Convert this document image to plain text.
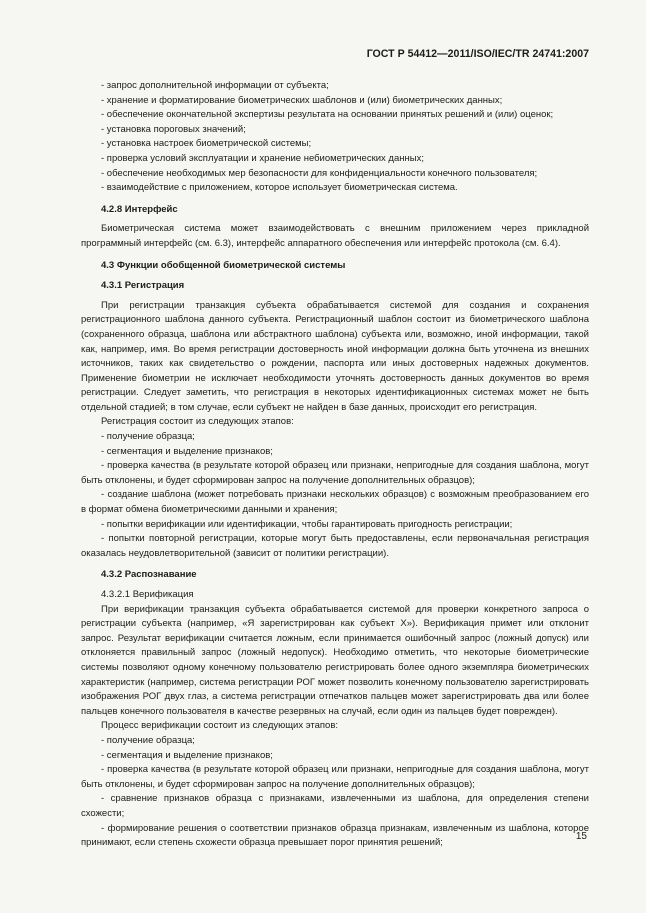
ГОСТ Р 54412—2011/ISO/IEC/TR 24741:2007

- запрос дополнительной информации от субъекта;

- хранение и форматирование биометрических шаблонов и (или) биометрических данных;

- обеспечение окончательной экспертизы результата на основании принятых решений и (или) оценок;

- установка пороговых значений;

- установка настроек биометрической системы;

- проверка условий эксплуатации и хранение небиометрических данных;

- обеспечение необходимых мер безопасности для конфиденциальности конечного пользователя;

- взаимодействие с приложением, которое использует биометрическая система.

4.2.8 Интерфейс

Биометрическая система может взаимодействовать с внешним приложением через прикладной программный интерфейс (см. 6.3), интерфейс аппаратного обеспечения или интерфейс протокола (см. 6.4).

4.3 Функции обобщенной биометрической системы

4.3.1 Регистрация

При регистрации транзакция субъекта обрабатывается системой для создания и сохранения регистрационного шаблона данного субъекта. Регистрационный шаблон состоит из биометрического шаблона (сохраненного образца, шаблона или абстрактного шаблона) субъекта или, возможно, иной информации, такой как, например, имя. Во время регистрации достоверность иной информации должна быть уточнена из внешних источников, таких как свидетельство о рождении, паспорта или иных достоверных надежных документов. Применение биометрии не исключает необходимости уточнять достоверность данных документов во время регистрации. Следует заметить, что регистрация в некоторых идентификационных системах может не быть отдельной стадией; в том случае, если субъект не найден в базе данных, происходит его регистрация.

Регистрация состоит из следующих этапов:

- получение образца;

- сегментация и выделение признаков;

- проверка качества (в результате которой образец или признаки, непригодные для создания шаблона, могут быть отклонены, и будет сформирован запрос на получение дополнительных образцов);

- создание шаблона (может потребовать признаки нескольких образцов) с возможным преобразованием его в формат обмена биометрическими данными и хранения;

- попытки верификации или идентификации, чтобы гарантировать пригодность регистрации;

- попытки повторной регистрации, которые могут быть предоставлены, если первоначальная регистрация оказалась неудовлетворительной (зависит от политики регистрации).

4.3.2 Распознавание

4.3.2.1 Верификация

При верификации транзакция субъекта обрабатывается системой для проверки конкретного запроса о регистрации субъекта (например, «Я зарегистрирован как субъект X»). Верификация примет или отклонит запрос. Результат верификации считается ложным, если принимается ошибочный запрос (ложный допуск) или отклоняется правильный запрос (ложный недопуск). Необходимо отметить, что некоторые биометрические системы позволяют одному конечному пользователю регистрировать более одного экземпляра биометрических характеристик (например, система регистрации РОГ может позволить конечному пользователю зарегистрировать изображения РОГ двух глаз, а система регистрации отпечатков пальцев может зарегистрировать два или более пальцев конечного пользователя в качестве резервных на случай, если один из пальцев будет поврежден).

Процесс верификации состоит из следующих этапов:

- получение образца;

- сегментация и выделение признаков;

- проверка качества (в результате которой образец или признаки, непригодные для создания шаблона, могут быть отклонены, и будет сформирован запрос на получение дополнительных образцов);

- сравнение признаков образца с признаками, извлеченными из шаблона, для определения степени схожести;

- формирование решения о соответствии признаков образца признакам, извлеченным из шаблона, которое принимают, если степень схожести образца превышает порог принятия решений;

15
